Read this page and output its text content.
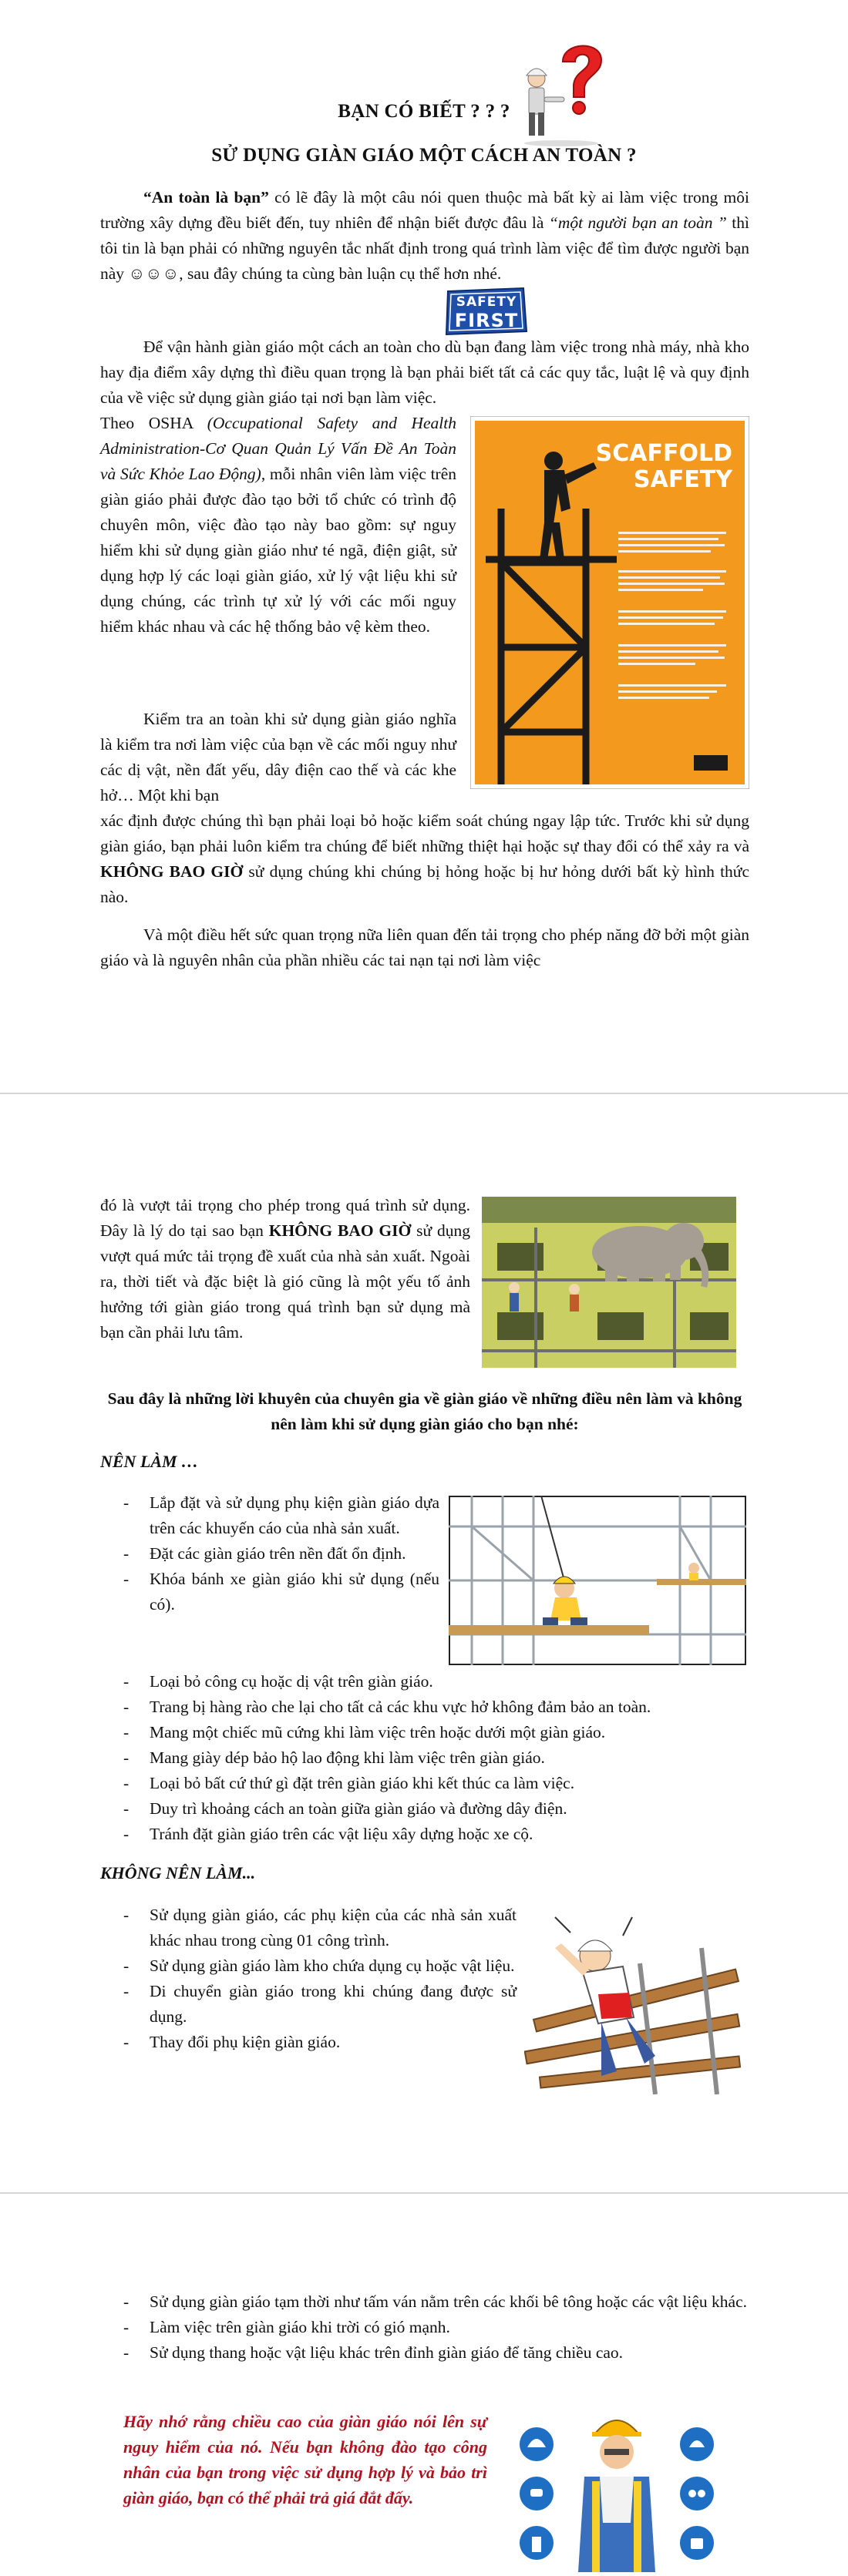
BẠN CÓ BIẾT ? ? ?
SỬ DỤNG GIÀN GIÁO MỘT CÁCH AN TOÀN ?
“An toàn là bạn” có lẽ đây là một câu nói quen thuộc mà bất kỳ ai làm việc trong môi trường xây dựng đều biết đến, tuy nhiên để nhận biết được đâu là “một người bạn an toàn ” thì tôi tin là bạn phải có những nguyên tắc nhất định trong quá trình làm việc để tìm được người bạn này ☺☺☺, sau đây chúng ta cùng bàn luận cụ thể hơn nhé.
SAFETY
FIRST
Để vận hành giàn giáo một cách an toàn cho dù bạn đang làm việc trong nhà máy, nhà kho hay địa điểm xây dựng thì điều quan trọng là bạn phải biết tất cả các quy tắc, luật lệ và quy định của về việc sử dụng giàn giáo tại nơi bạn làm việc.
Theo OSHA (Occupational Safety and Health Administration-Cơ Quan Quản Lý Vấn Đề An Toàn và Sức Khỏe Lao Động), mỗi nhân viên làm việc trên giàn giáo phải được đào tạo bởi tổ chức có trình độ chuyên môn, việc đào tạo này bao gồm: sự nguy hiểm khi sử dụng giàn giáo như té ngã, điện giật, sử dụng hợp lý các loại giàn giáo, xử lý vật liệu khi sử dụng chúng, các trình tự xử lý với các mối nguy hiểm khác nhau và các hệ thống bảo vệ kèm theo.
SCAFFOLD
SAFETY
Kiểm tra an toàn khi sử dụng giàn giáo nghĩa là kiểm tra nơi làm việc của bạn về các mối nguy như các dị vật, nền đất yếu, dây điện cao thế và các khe hở… Một khi bạn
xác định được chúng thì bạn phải loại bỏ hoặc kiểm soát chúng ngay lập tức. Trước khi sử dụng giàn giáo, bạn phải luôn kiểm tra chúng để biết những thiệt hại hoặc sự thay đổi có thể xảy ra và KHÔNG BAO GIỜ sử dụng chúng khi chúng bị hỏng hoặc bị hư hỏng dưới bất kỳ hình thức nào.
Và một điều hết sức quan trọng nữa liên quan đến tải trọng cho phép năng đỡ bởi một giàn giáo và là nguyên nhân của phần nhiều các tai nạn tại nơi làm việc
đó là vượt tải trọng cho phép trong quá trình sử dụng. Đây là lý do tại sao bạn KHÔNG BAO GIỜ sử dụng vượt quá mức tải trọng đề xuất của nhà sản xuất. Ngoài ra, thời tiết và đặc biệt là gió cũng là một yếu tố ảnh hưởng tới giàn giáo trong quá trình bạn sử dụng mà bạn cần phải lưu tâm.
Sau đây là những lời khuyên của chuyên gia về giàn giáo về những điều nên làm và không nên làm khi sử dụng giàn giáo cho bạn nhé:
NÊN LÀM …
- Lắp đặt và sử dụng phụ kiện giàn giáo dựa trên các khuyến cáo của nhà sản xuất.
- Đặt các giàn giáo trên nền đất ổn định.
- Khóa bánh xe giàn giáo khi sử dụng (nếu có).
- Loại bỏ công cụ hoặc dị vật trên giàn giáo.
- Trang bị hàng rào che lại cho tất cả các khu vực hở không đảm bảo an toàn.
- Mang một chiếc mũ cứng khi làm việc trên hoặc dưới một giàn giáo.
- Mang giày dép bảo hộ lao động khi làm việc trên giàn giáo.
- Loại bỏ bất cứ thứ gì đặt trên giàn giáo khi kết thúc ca làm việc.
- Duy trì khoảng cách an toàn giữa giàn giáo và đường dây điện.
- Tránh đặt giàn giáo trên các vật liệu xây dựng hoặc xe cộ.
KHÔNG NÊN LÀM...
- Sử dụng giàn giáo, các phụ kiện của các nhà sản xuất khác nhau trong cùng 01 công trình.
- Sử dụng giàn giáo làm kho chứa dụng cụ hoặc vật liệu.
- Di chuyển giàn giáo trong khi chúng đang được sử dụng.
- Thay đổi phụ kiện giàn giáo.
- Sử dụng giàn giáo tạm thời như tấm ván nằm trên các khối bê tông hoặc các vật liệu khác.
- Làm việc trên giàn giáo khi trời có gió mạnh.
- Sử dụng thang hoặc vật liệu khác trên đỉnh giàn giáo để tăng chiều cao.
Hãy nhớ rằng chiều cao của giàn giáo nói lên sự nguy hiểm của nó. Nếu bạn không đào tạo công nhân của bạn trong việc sử dụng hợp lý và bảo trì giàn giáo, bạn có thể phải trả giá đắt đấy.
